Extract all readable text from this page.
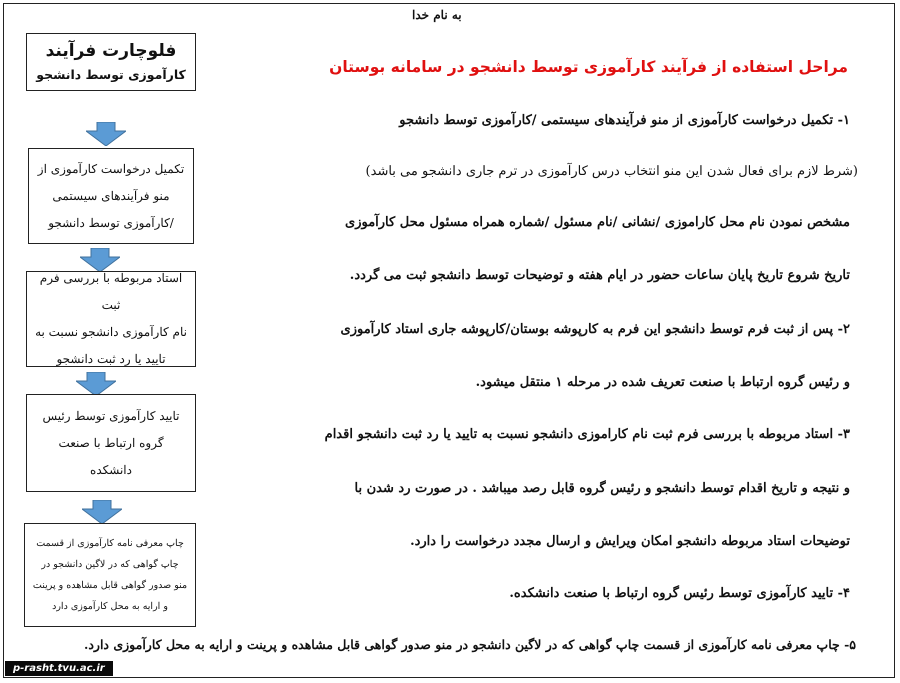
فلوچارت فرآیند
کارآموزی توسط دانشجو
تکمیل درخواست کارآموزی از
منو فرآیندهای سیستمی
/کارآموزی توسط دانشجو
استاد مربوطه با بررسی فرم ثبت
نام کارآموزی دانشجو نسبت به
تایید یا رد ثبت دانشجو
تایید کارآموزی توسط رئیس
گروه ارتباط با صنعت
دانشکده
چاپ معرفی نامه کارآموزی از قسمت
چاپ گواهی که در لاگین دانشجو در
منو صدور گواهی قابل مشاهده و پرینت
و ارایه به محل کارآموزی دارد
به نام خدا
مراحل استفاده از فرآیند کارآموزی توسط دانشجو در سامانه بوستان
۱- تکمیل درخواست کارآموزی از منو فرآیندهای سیستمی /کارآموزی توسط دانشجو
(شرط لازم برای فعال شدن این منو انتخاب درس کارآموزی در ترم جاری دانشجو می باشد)
مشخص نمودن نام محل کاراموزی /نشانی /نام مسئول /شماره همراه مسئول محل کارآموزی
تاریخ شروع تاریخ پایان ساعات حضور در ایام هفته و توضیحات توسط دانشجو ثبت می گردد.
۲- پس از ثبت فرم توسط دانشجو این فرم به کارپوشه بوستان/کارپوشه جاری استاد کارآموزی
و رئیس گروه ارتباط با صنعت تعریف شده در مرحله ۱ منتقل میشود.
۳- استاد مربوطه با بررسی فرم ثبت نام کاراموزی دانشجو نسبت به تایید یا رد ثبت دانشجو اقدام
و نتیجه و تاریخ اقدام توسط دانشجو و رئیس گروه قابل رصد میباشد . در صورت رد شدن با
توضیحات استاد مربوطه دانشجو امکان ویرایش و ارسال مجدد درخواست را دارد.
۴- تایید کارآموزی توسط رئیس گروه ارتباط با صنعت دانشکده.
۵- چاپ معرفی نامه کارآموزی از قسمت چاپ گواهی که در لاگین دانشجو در منو صدور گواهی قابل مشاهده و پرینت و ارایه به محل کارآموزی دارد.
p-rasht.tvu.ac.ir
